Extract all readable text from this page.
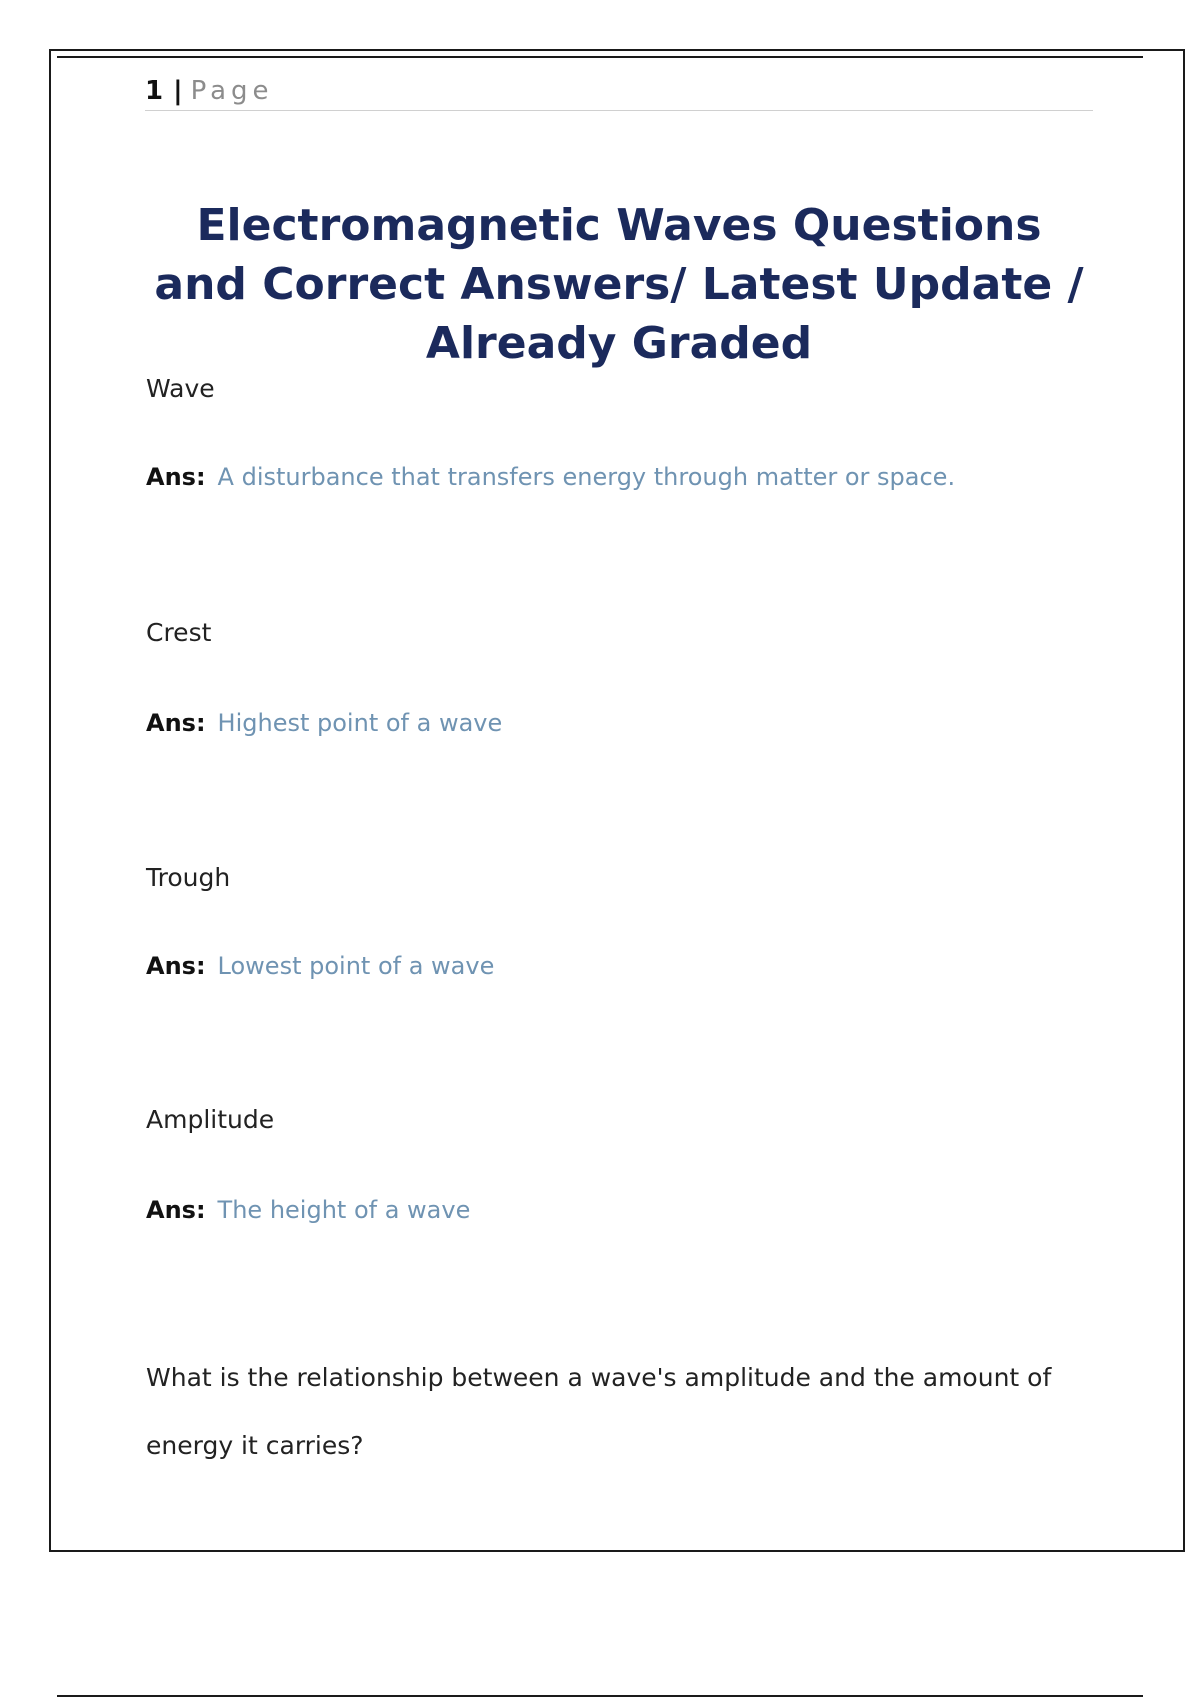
1 | Page
Electromagnetic Waves Questions and Correct Answers/ Latest Update / Already Graded

Wave

Ans: A disturbance that transfers energy through matter or space.

Crest

Ans: Highest point of a wave

Trough

Ans: Lowest point of a wave

Amplitude

Ans: The height of a wave

What is the relationship between a wave's amplitude and the amount of energy it carries?
